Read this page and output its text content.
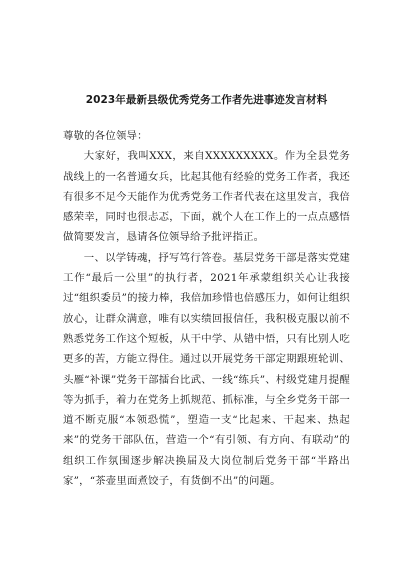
2023年最新县级优秀党务工作者先进事迹发言材料

尊敬的各位领导：

大家好，我叫XXX，来自XXXXXXXXX。作为全县党务战线上的一名普通女兵，比起其他有经验的党务工作者，我还有很多不足今天能作为优秀党务工作者代表在这里发言，我倍感荣幸，同时也很忐忑，下面，就个人在工作上的一点点感悟做简要发言，恳请各位领导给予批评指正。

一、以学铸魂，抒写笃行答卷。基层党务干部是落实党建工作“最后一公里”的执行者，2021年承蒙组织关心让我接过“组织委员”的接力棒，我倍加珍惜也倍感压力，如何让组织放心，让群众满意，唯有以实绩回报信任，我积极克服以前不熟悉党务工作这个短板，从干中学、从错中悟，只有比别人吃更多的苦，方能立得住。通过以开展党务干部定期跟班轮训、头雁“补课”党务干部擂台比武、一线“练兵”、村级党建月提醒等为抓手，着力在党务上抓规范、抓标准，与全乡党务干部一道不断克服“本领恐慌”，塑造一支“比起来、干起来、热起来”的党务干部队伍，营造一个“有引领、有方向、有联动”的组织工作氛围逐步解决换届及大岗位制后党务干部“半路出家”，“茶壶里面煮饺子，有货倒不出”的问题。
